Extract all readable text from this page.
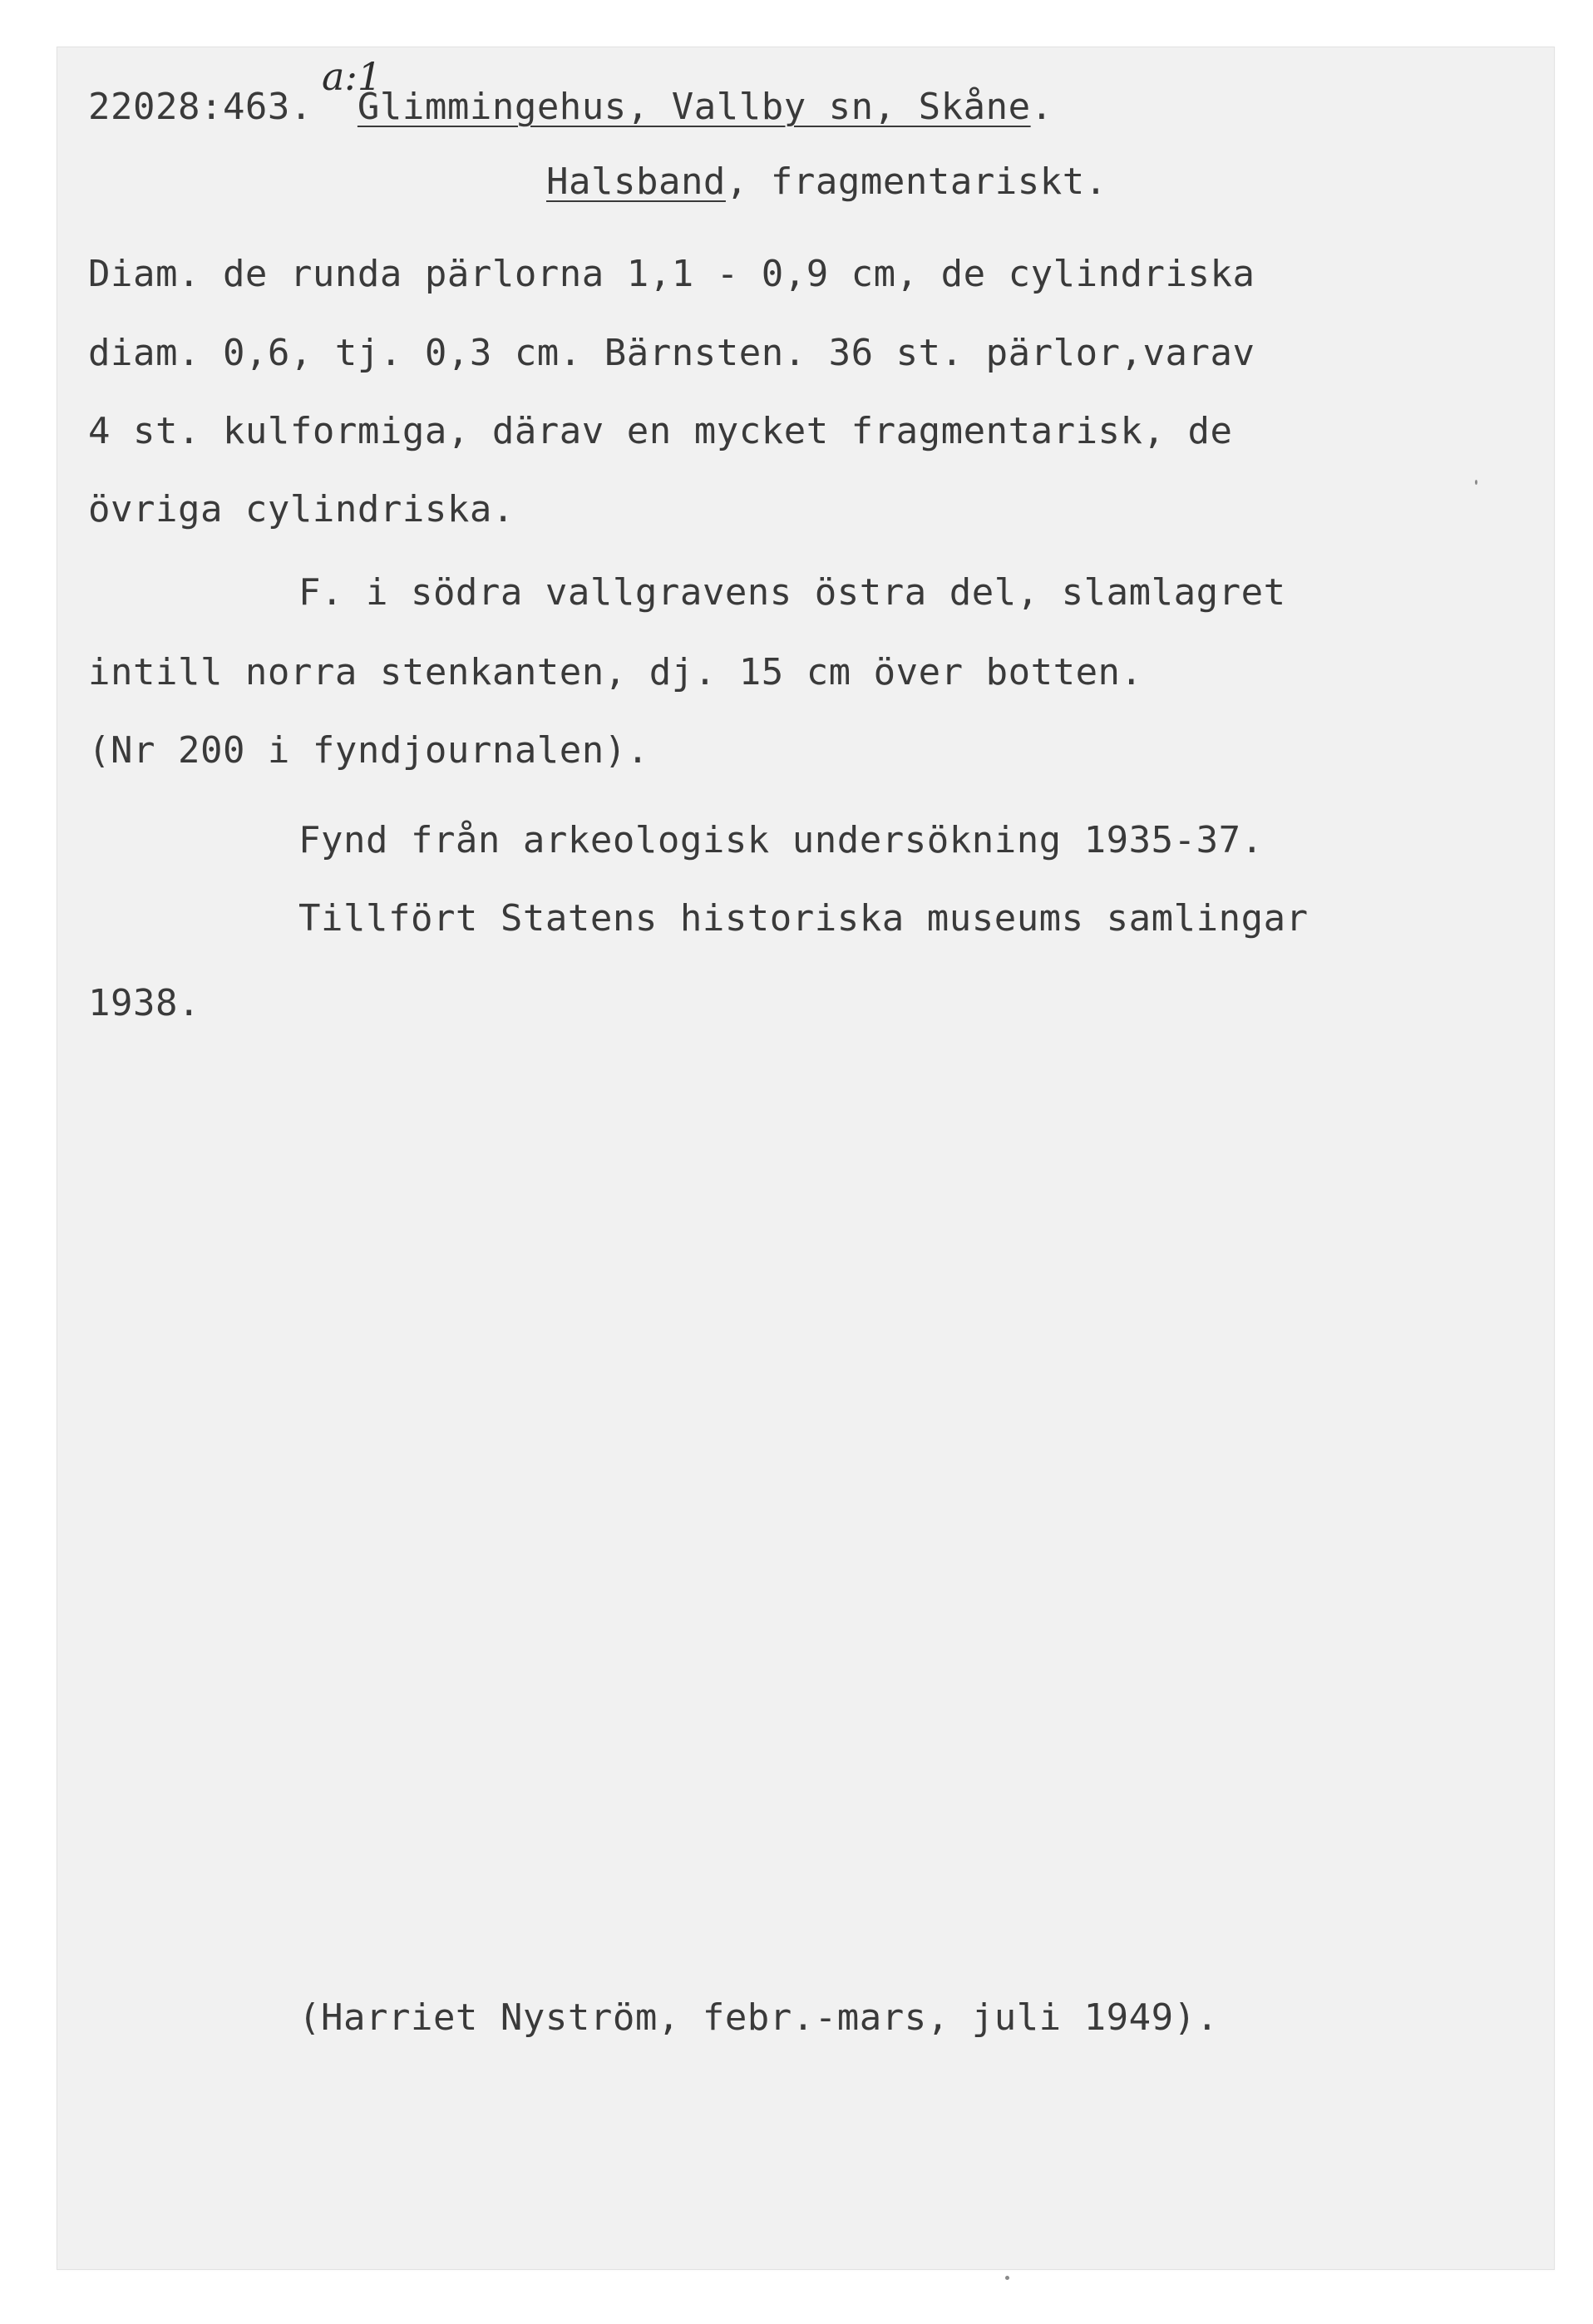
a:1
22028:463. Glimmingehus, Vallby sn, Skåne.
Halsband, fragmentariskt.
Diam. de runda pärlorna 1,1 - 0,9 cm, de cylindriska
diam. 0,6, tj. 0,3 cm. Bärnsten. 36 st. pärlor,varav
4 st. kulformiga, därav en mycket fragmentarisk, de
övriga cylindriska.
F. i södra vallgravens östra del, slamlagret
intill norra stenkanten, dj. 15 cm över botten.
(Nr 200 i fyndjournalen).
Fynd från arkeologisk undersökning 1935-37.
Tillfört Statens historiska museums samlingar
1938.
(Harriet Nyström, febr.-mars, juli 1949).
